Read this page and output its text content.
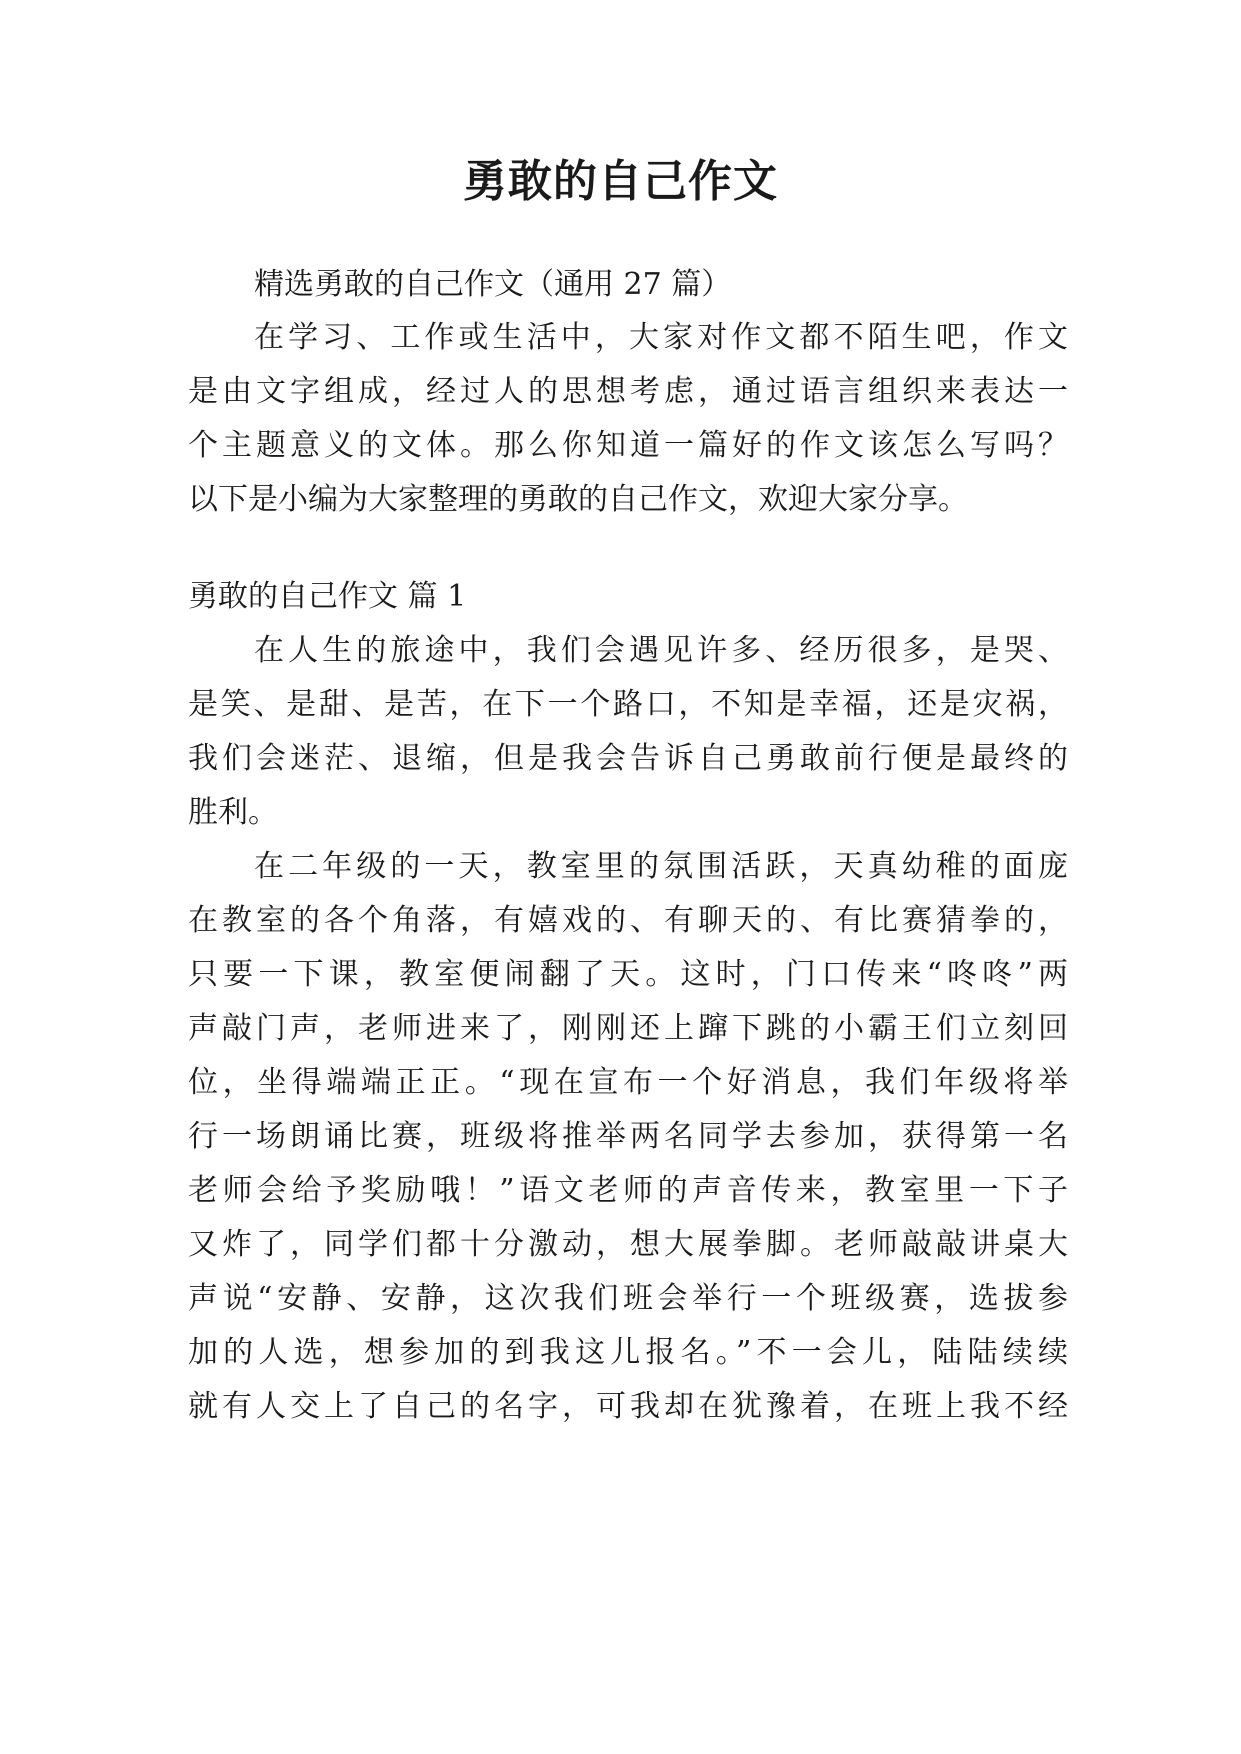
勇敢的自己作文
精选勇敢的自己作文（通用 27 篇）
在学习、工作或生活中，大家对作文都不陌生吧，作文
是由文字组成，经过人的思想考虑，通过语言组织来表达一
个主题意义的文体。那么你知道一篇好的作文该怎么写吗？
以下是小编为大家整理的勇敢的自己作文，欢迎大家分享。
勇敢的自己作文 篇 1
在人生的旅途中，我们会遇见许多、经历很多，是哭、
是笑、是甜、是苦，在下一个路口，不知是幸福，还是灾祸，
我们会迷茫、退缩，但是我会告诉自己勇敢前行便是最终的
胜利。
在二年级的一天，教室里的氛围活跃，天真幼稚的面庞
在教室的各个角落，有嬉戏的、有聊天的、有比赛猜拳的，
只要一下课，教室便闹翻了天。这时，门口传来“咚咚”两
声敲门声，老师进来了，刚刚还上蹿下跳的小霸王们立刻回
位，坐得端端正正。“现在宣布一个好消息，我们年级将举
行一场朗诵比赛，班级将推举两名同学去参加，获得第一名
老师会给予奖励哦！”语文老师的声音传来，教室里一下子
又炸了，同学们都十分激动，想大展拳脚。老师敲敲讲桌大
声说“安静、安静，这次我们班会举行一个班级赛，选拔参
加的人选，想参加的到我这儿报名。”不一会儿，陆陆续续
就有人交上了自己的名字，可我却在犹豫着，在班上我不经
